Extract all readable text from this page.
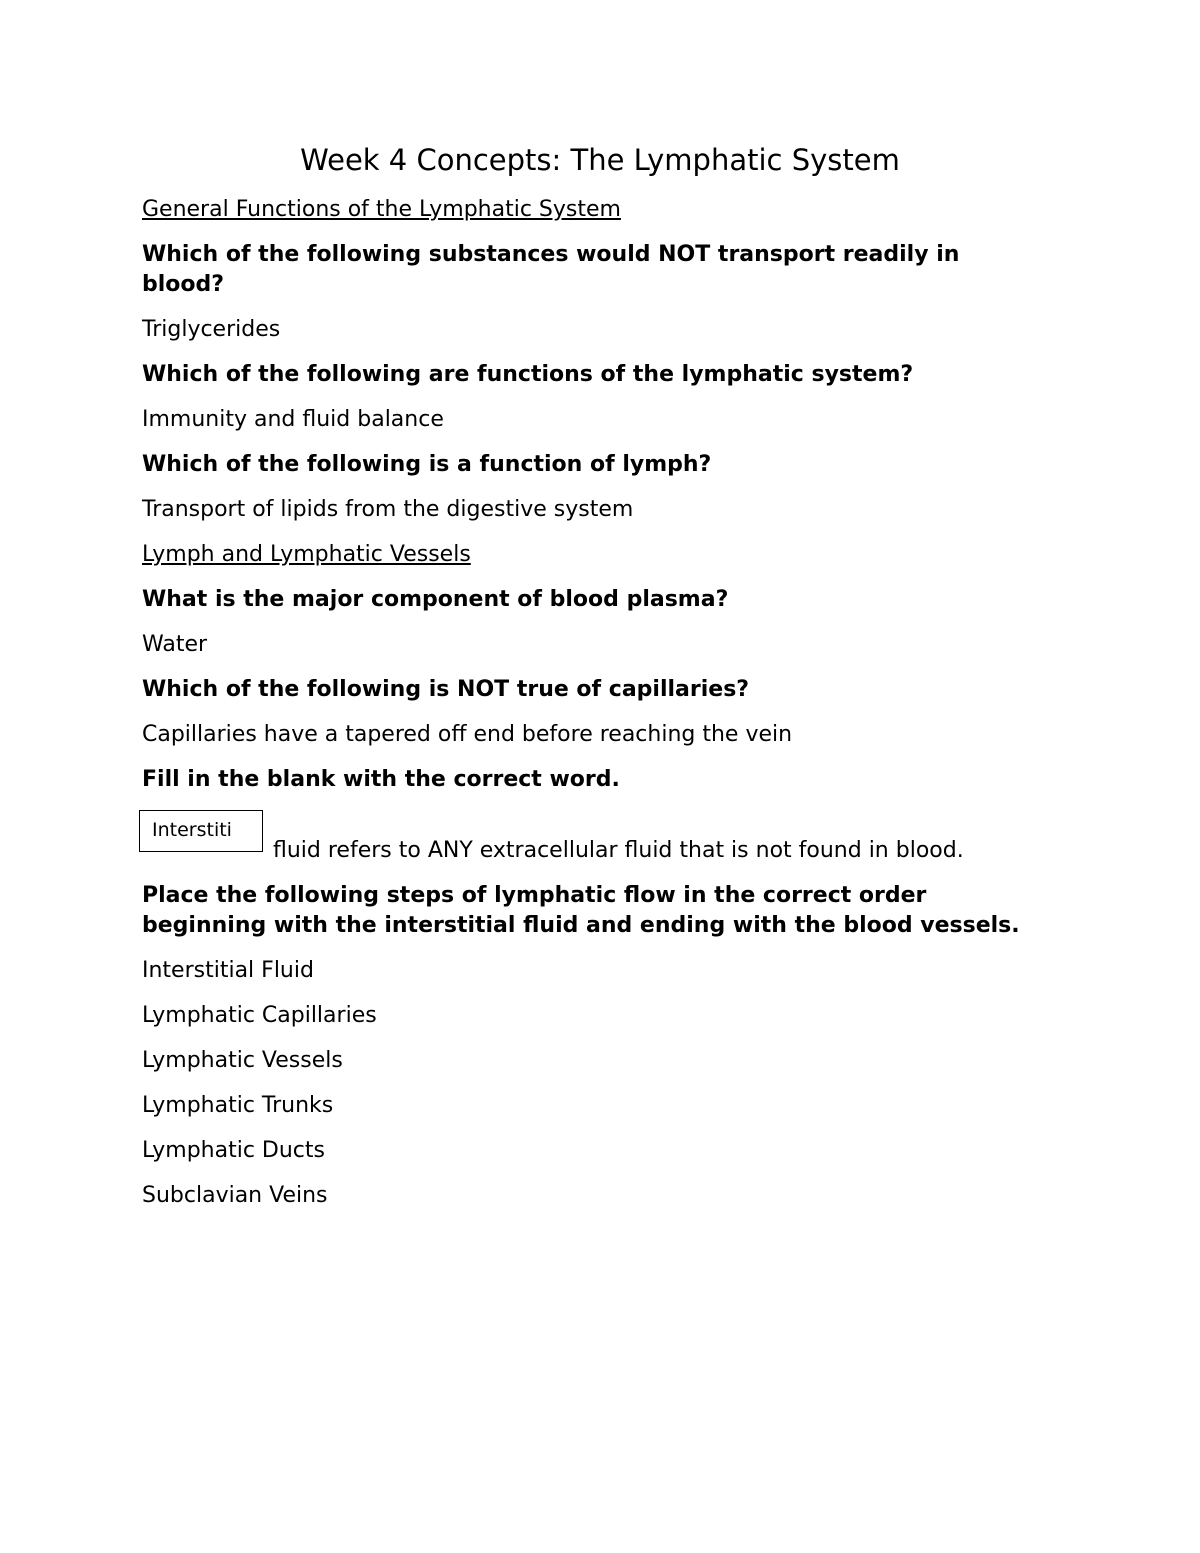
Week 4 Concepts: The Lymphatic System
General Functions of the Lymphatic System
Which of the following substances would NOT transport readily in blood?
Triglycerides
Which of the following are functions of the lymphatic system?
Immunity and fluid balance
Which of the following is a function of lymph?
Transport of lipids from the digestive system
Lymph and Lymphatic Vessels
What is the major component of blood plasma?
Water
Which of the following is NOT true of capillaries?
Capillaries have a tapered off end before reaching the vein
Fill in the blank with the correct word.
Interstiti
fluid refers to ANY extracellular fluid that is not found in blood.
Place the following steps of lymphatic flow in the correct order beginning with the interstitial fluid and ending with the blood vessels.
Interstitial Fluid
Lymphatic Capillaries
Lymphatic Vessels
Lymphatic Trunks
Lymphatic Ducts
Subclavian Veins
